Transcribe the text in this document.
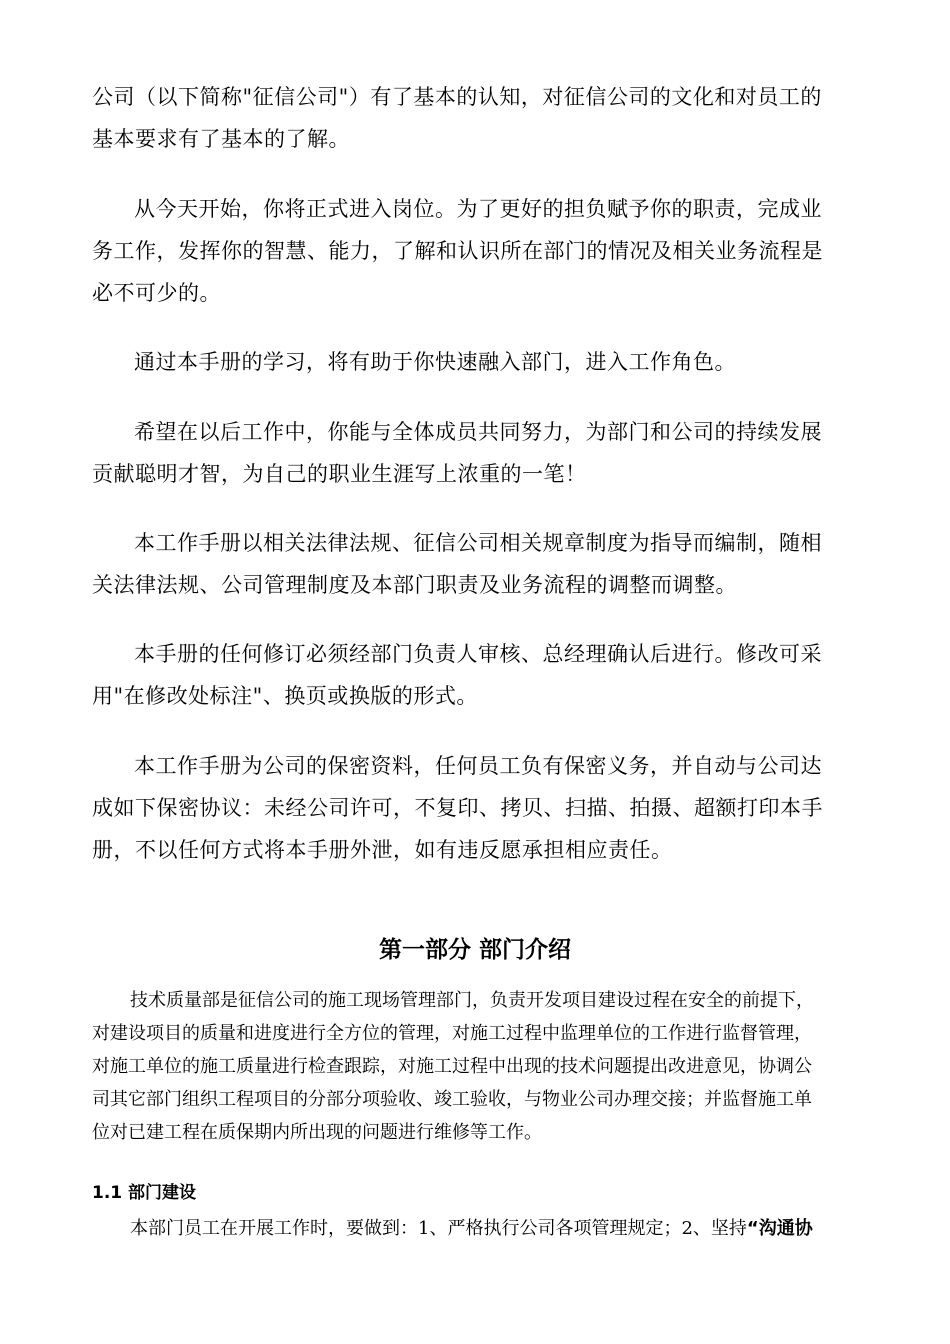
公司（以下简称"征信公司"）有了基本的认知，对征信公司的文化和对员工的
基本要求有了基本的了解。
从今天开始，你将正式进入岗位。为了更好的担负赋予你的职责，完成业
务工作，发挥你的智慧、能力，了解和认识所在部门的情况及相关业务流程是
必不可少的。
通过本手册的学习，将有助于你快速融入部门，进入工作角色。
希望在以后工作中，你能与全体成员共同努力，为部门和公司的持续发展
贡献聪明才智，为自己的职业生涯写上浓重的一笔！
本工作手册以相关法律法规、征信公司相关规章制度为指导而编制，随相
关法律法规、公司管理制度及本部门职责及业务流程的调整而调整。
本手册的任何修订必须经部门负责人审核、总经理确认后进行。修改可采
用"在修改处标注"、换页或换版的形式。
本工作手册为公司的保密资料，任何员工负有保密义务，并自动与公司达
成如下保密协议：未经公司许可，不复印、拷贝、扫描、拍摄、超额打印本手
册，不以任何方式将本手册外泄，如有违反愿承担相应责任。
第一部分 部门介绍
技术质量部是征信公司的施工现场管理部门，负责开发项目建设过程在安全的前提下，
对建设项目的质量和进度进行全方位的管理，对施工过程中监理单位的工作进行监督管理，
对施工单位的施工质量进行检查跟踪，对施工过程中出现的技术问题提出改进意见，协调公
司其它部门组织工程项目的分部分项验收、竣工验收，与物业公司办理交接；并监督施工单
位对已建工程在质保期内所出现的问题进行维修等工作。
1.1 部门建设
本部门员工在开展工作时，要做到：1、严格执行公司各项管理规定；2、坚持“沟通协
